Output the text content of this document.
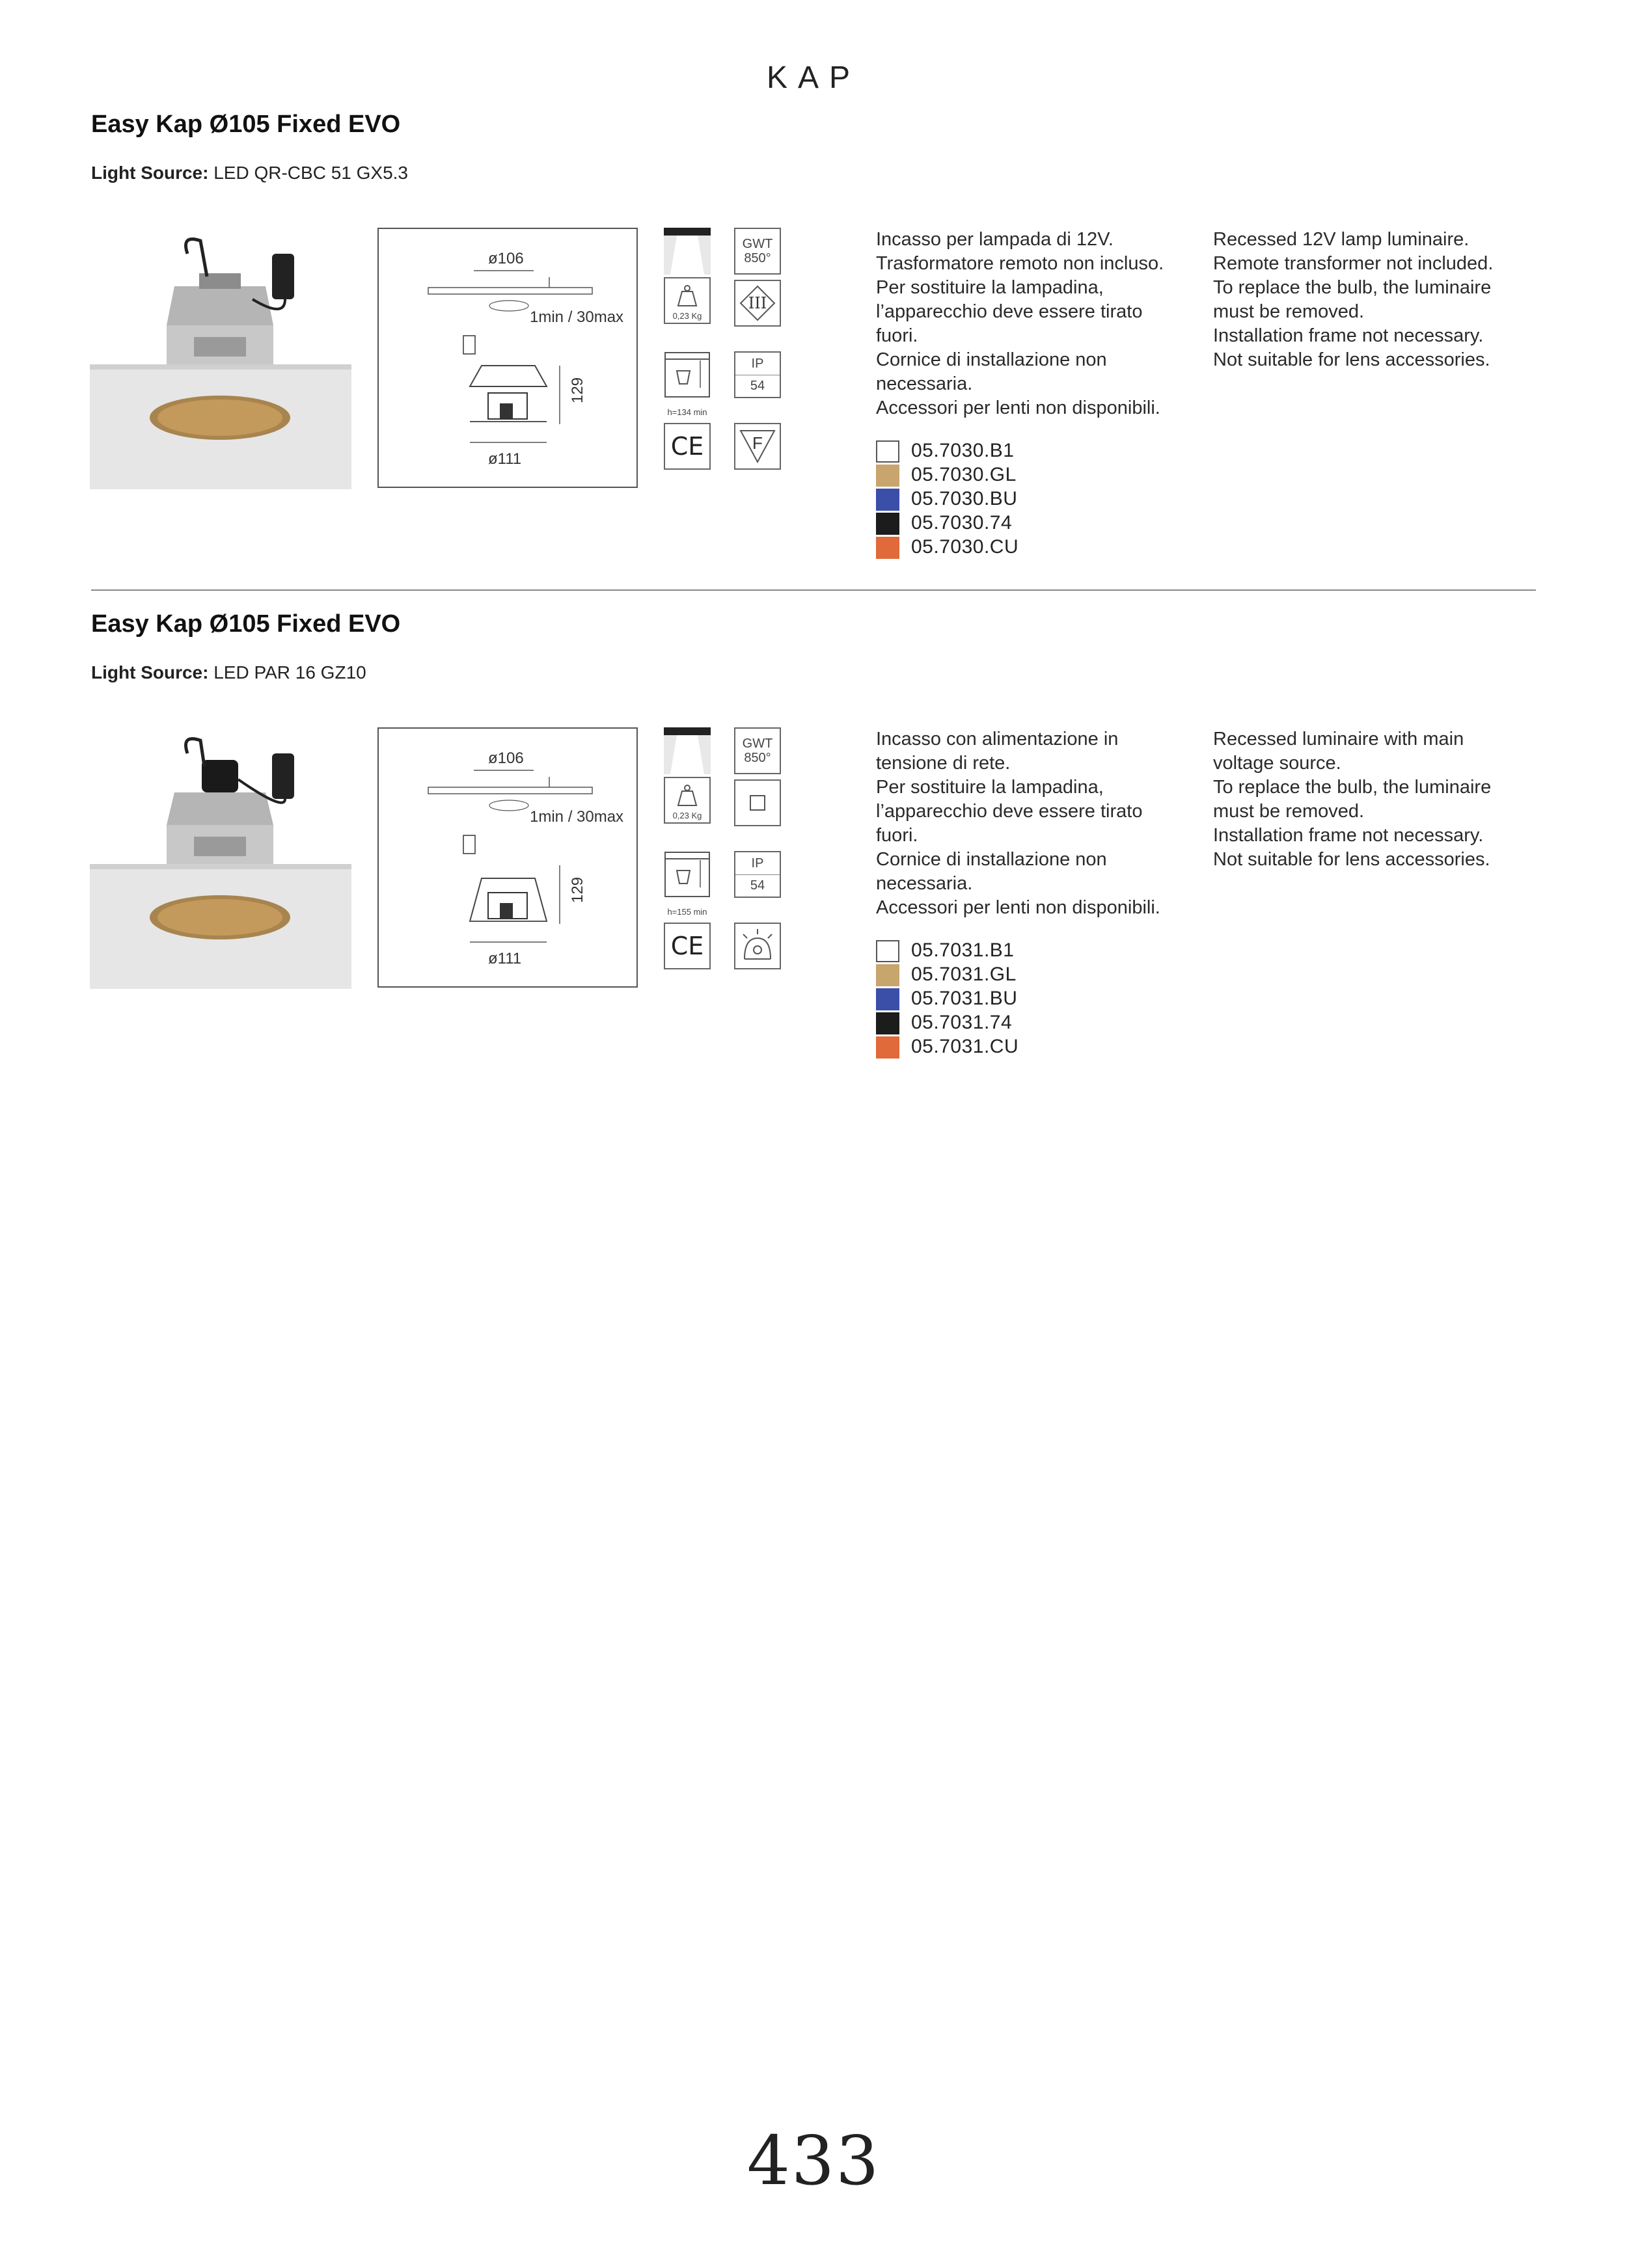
KAP
Easy Kap Ø105 Fixed EVO
Light Source: LED QR-CBC 51 GX5.3
ø106
1min / 30max
129
ø111
0,23 Kg
h=134 min
CE
GWT
850°
III
IP
54
F
Incasso per lampada di 12V.
Trasformatore remoto non incluso.
Per sostituire la lampadina,
l’apparecchio deve essere tirato
fuori.
Cornice di installazione non
necessaria.
Accessori per lenti non disponibili.
Recessed 12V lamp luminaire.
Remote transformer not included.
To replace the bulb, the luminaire
must be removed.
Installation frame not necessary.
Not suitable for lens accessories.
05.7030.B1
05.7030.GL
05.7030.BU
05.7030.74
05.7030.CU
Easy Kap Ø105 Fixed EVO
Light Source: LED PAR 16 GZ10
ø106
1min / 30max
129
ø111
0,23 Kg
h=155 min
CE
GWT
850°
IP
54
Incasso con alimentazione in
tensione di rete.
Per sostituire la lampadina,
l’apparecchio deve essere tirato
fuori.
Cornice di installazione non
necessaria.
Accessori per lenti non disponibili.
Recessed luminaire with main
voltage source.
To replace the bulb, the luminaire
must be removed.
Installation frame not necessary.
Not suitable for lens accessories.
05.7031.B1
05.7031.GL
05.7031.BU
05.7031.74
05.7031.CU
433
